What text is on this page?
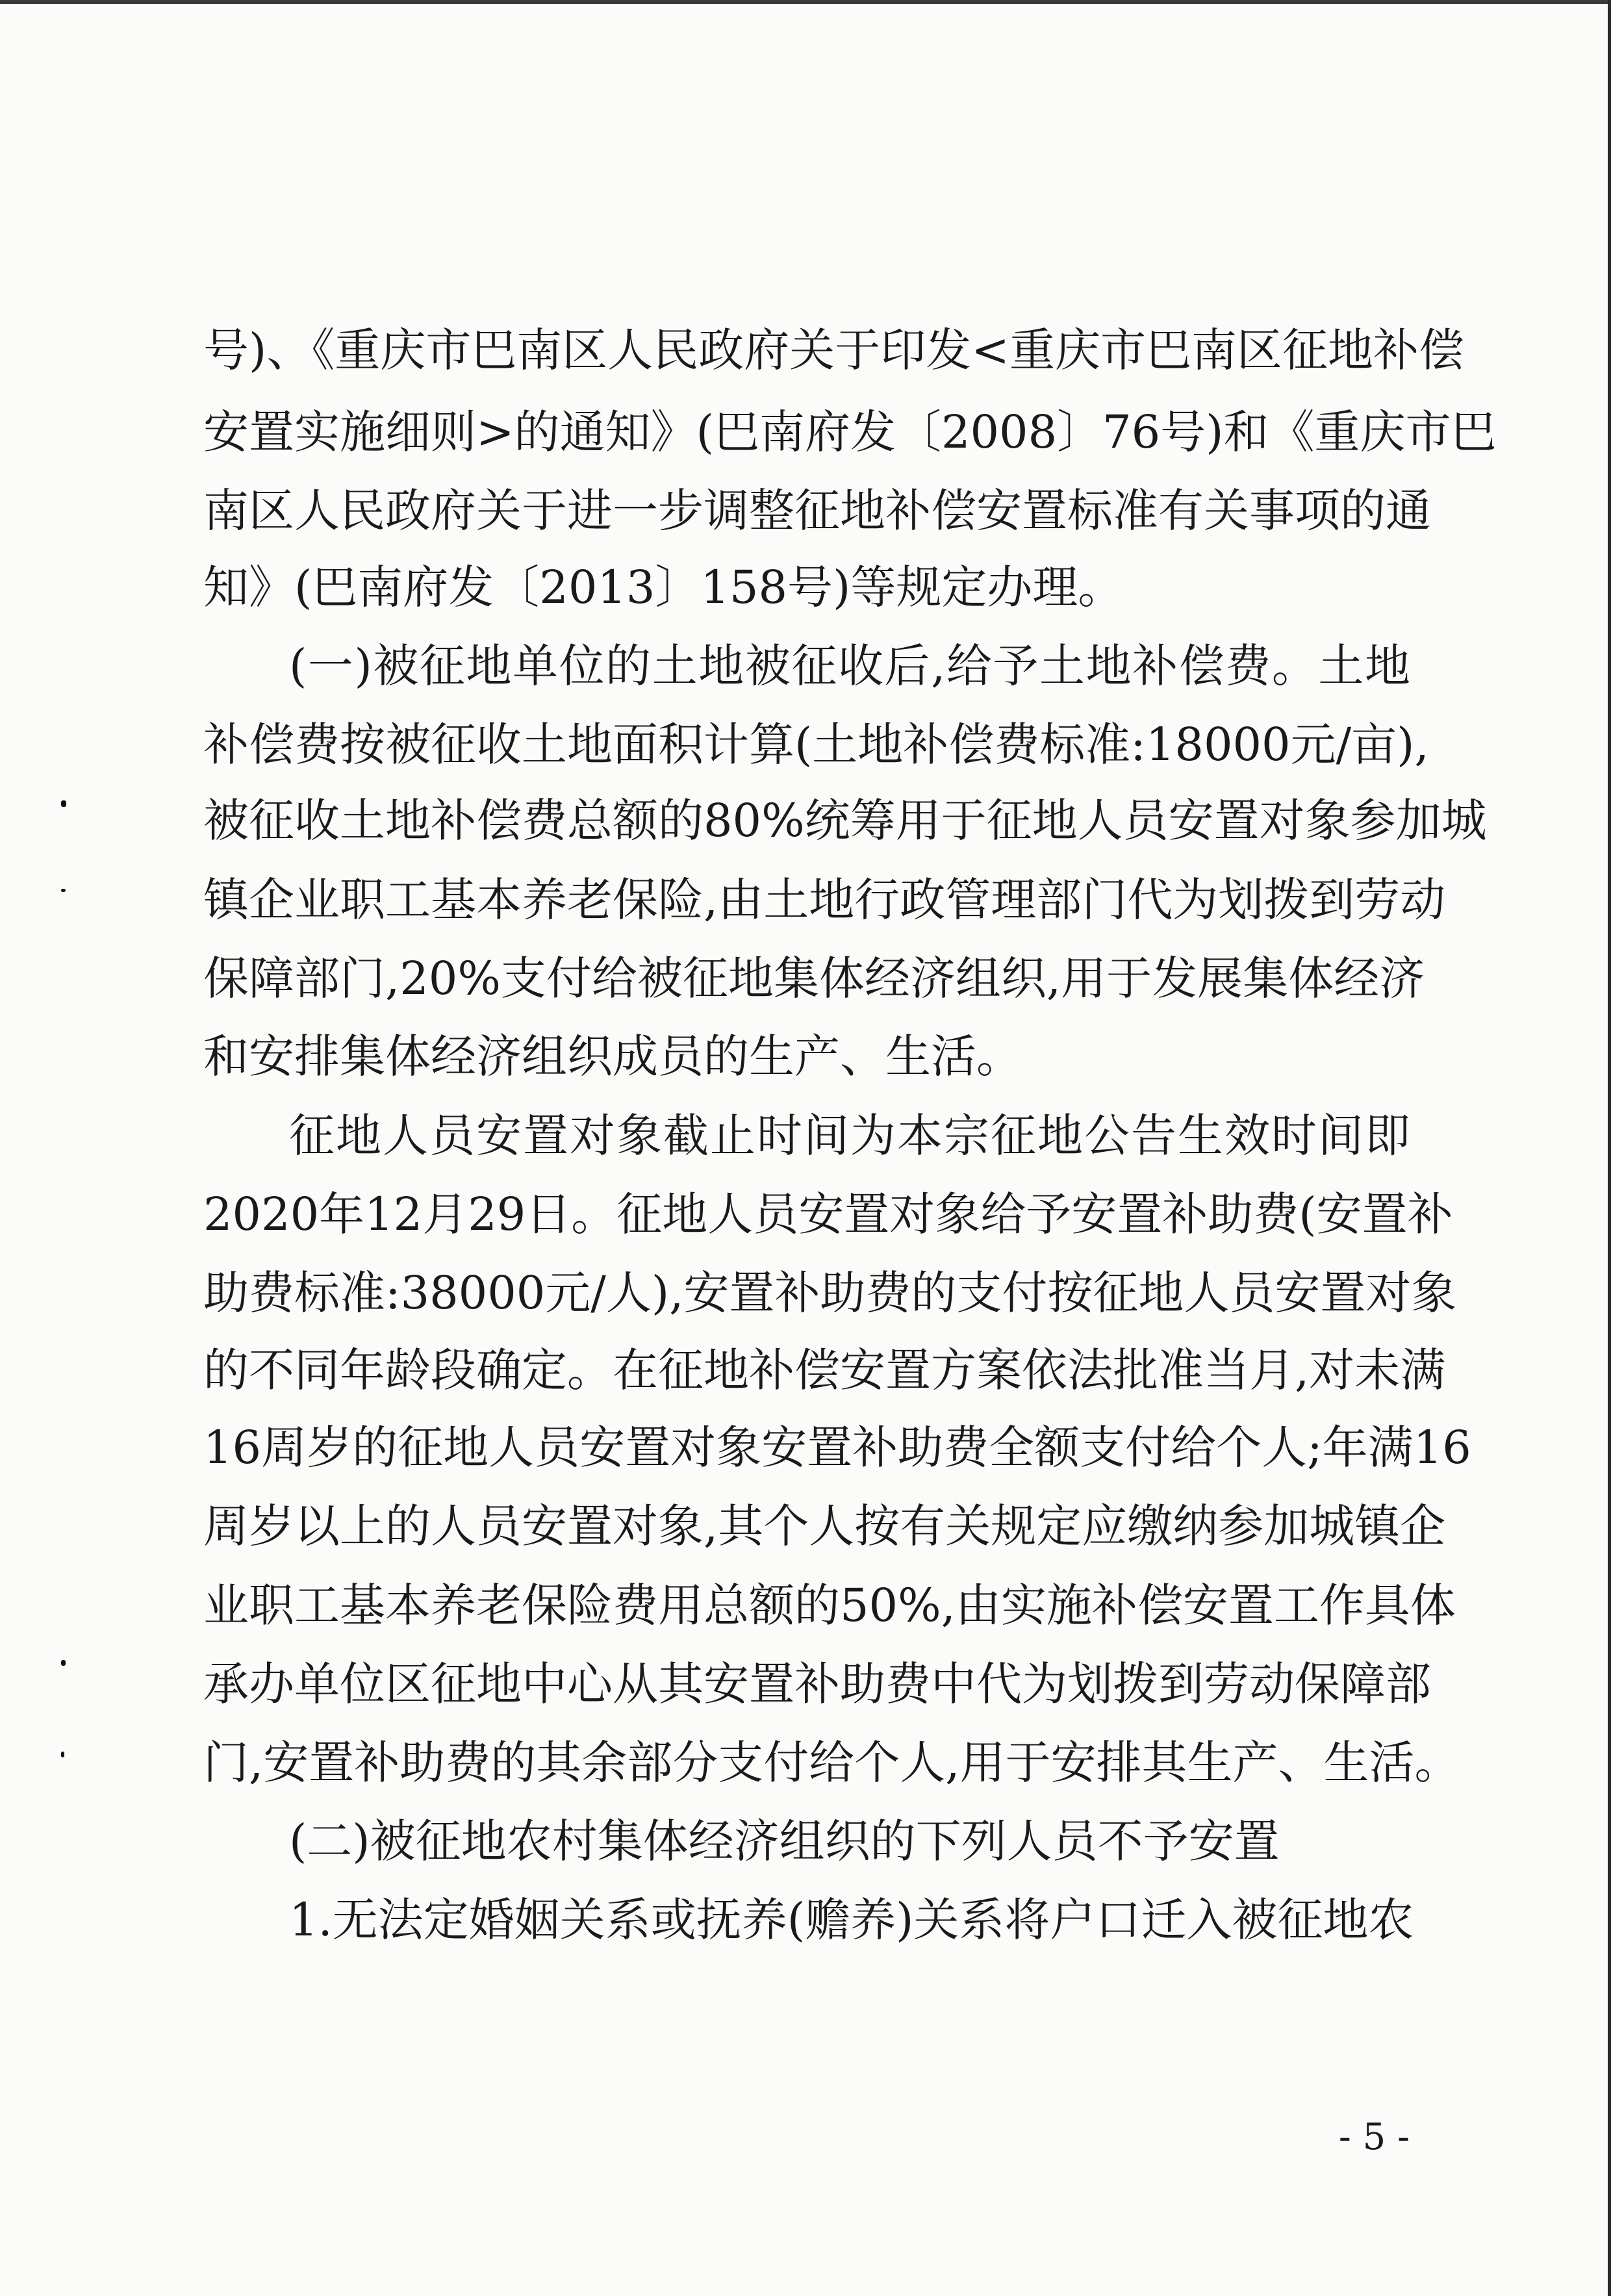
号)、《重庆市巴南区人民政府关于印发<重庆市巴南区征地补偿
安置实施细则>的通知》(巴南府发〔2008〕76号)和《重庆市巴
南区人民政府关于进一步调整征地补偿安置标准有关事项的通
知》(巴南府发〔2013〕158号)等规定办理。
(一)被征地单位的土地被征收后,给予土地补偿费。土地
补偿费按被征收土地面积计算(土地补偿费标准:18000元/亩),
被征收土地补偿费总额的80%统筹用于征地人员安置对象参加城
镇企业职工基本养老保险,由土地行政管理部门代为划拨到劳动
保障部门,20%支付给被征地集体经济组织,用于发展集体经济
和安排集体经济组织成员的生产、生活。
征地人员安置对象截止时间为本宗征地公告生效时间即
2020年12月29日。征地人员安置对象给予安置补助费(安置补
助费标准:38000元/人),安置补助费的支付按征地人员安置对象
的不同年龄段确定。在征地补偿安置方案依法批准当月,对未满
16周岁的征地人员安置对象安置补助费全额支付给个人;年满16
周岁以上的人员安置对象,其个人按有关规定应缴纳参加城镇企
业职工基本养老保险费用总额的50%,由实施补偿安置工作具体
承办单位区征地中心从其安置补助费中代为划拨到劳动保障部
门,安置补助费的其余部分支付给个人,用于安排其生产、生活。
(二)被征地农村集体经济组织的下列人员不予安置
1.无法定婚姻关系或抚养(赡养)关系将户口迁入被征地农
- 5 -
